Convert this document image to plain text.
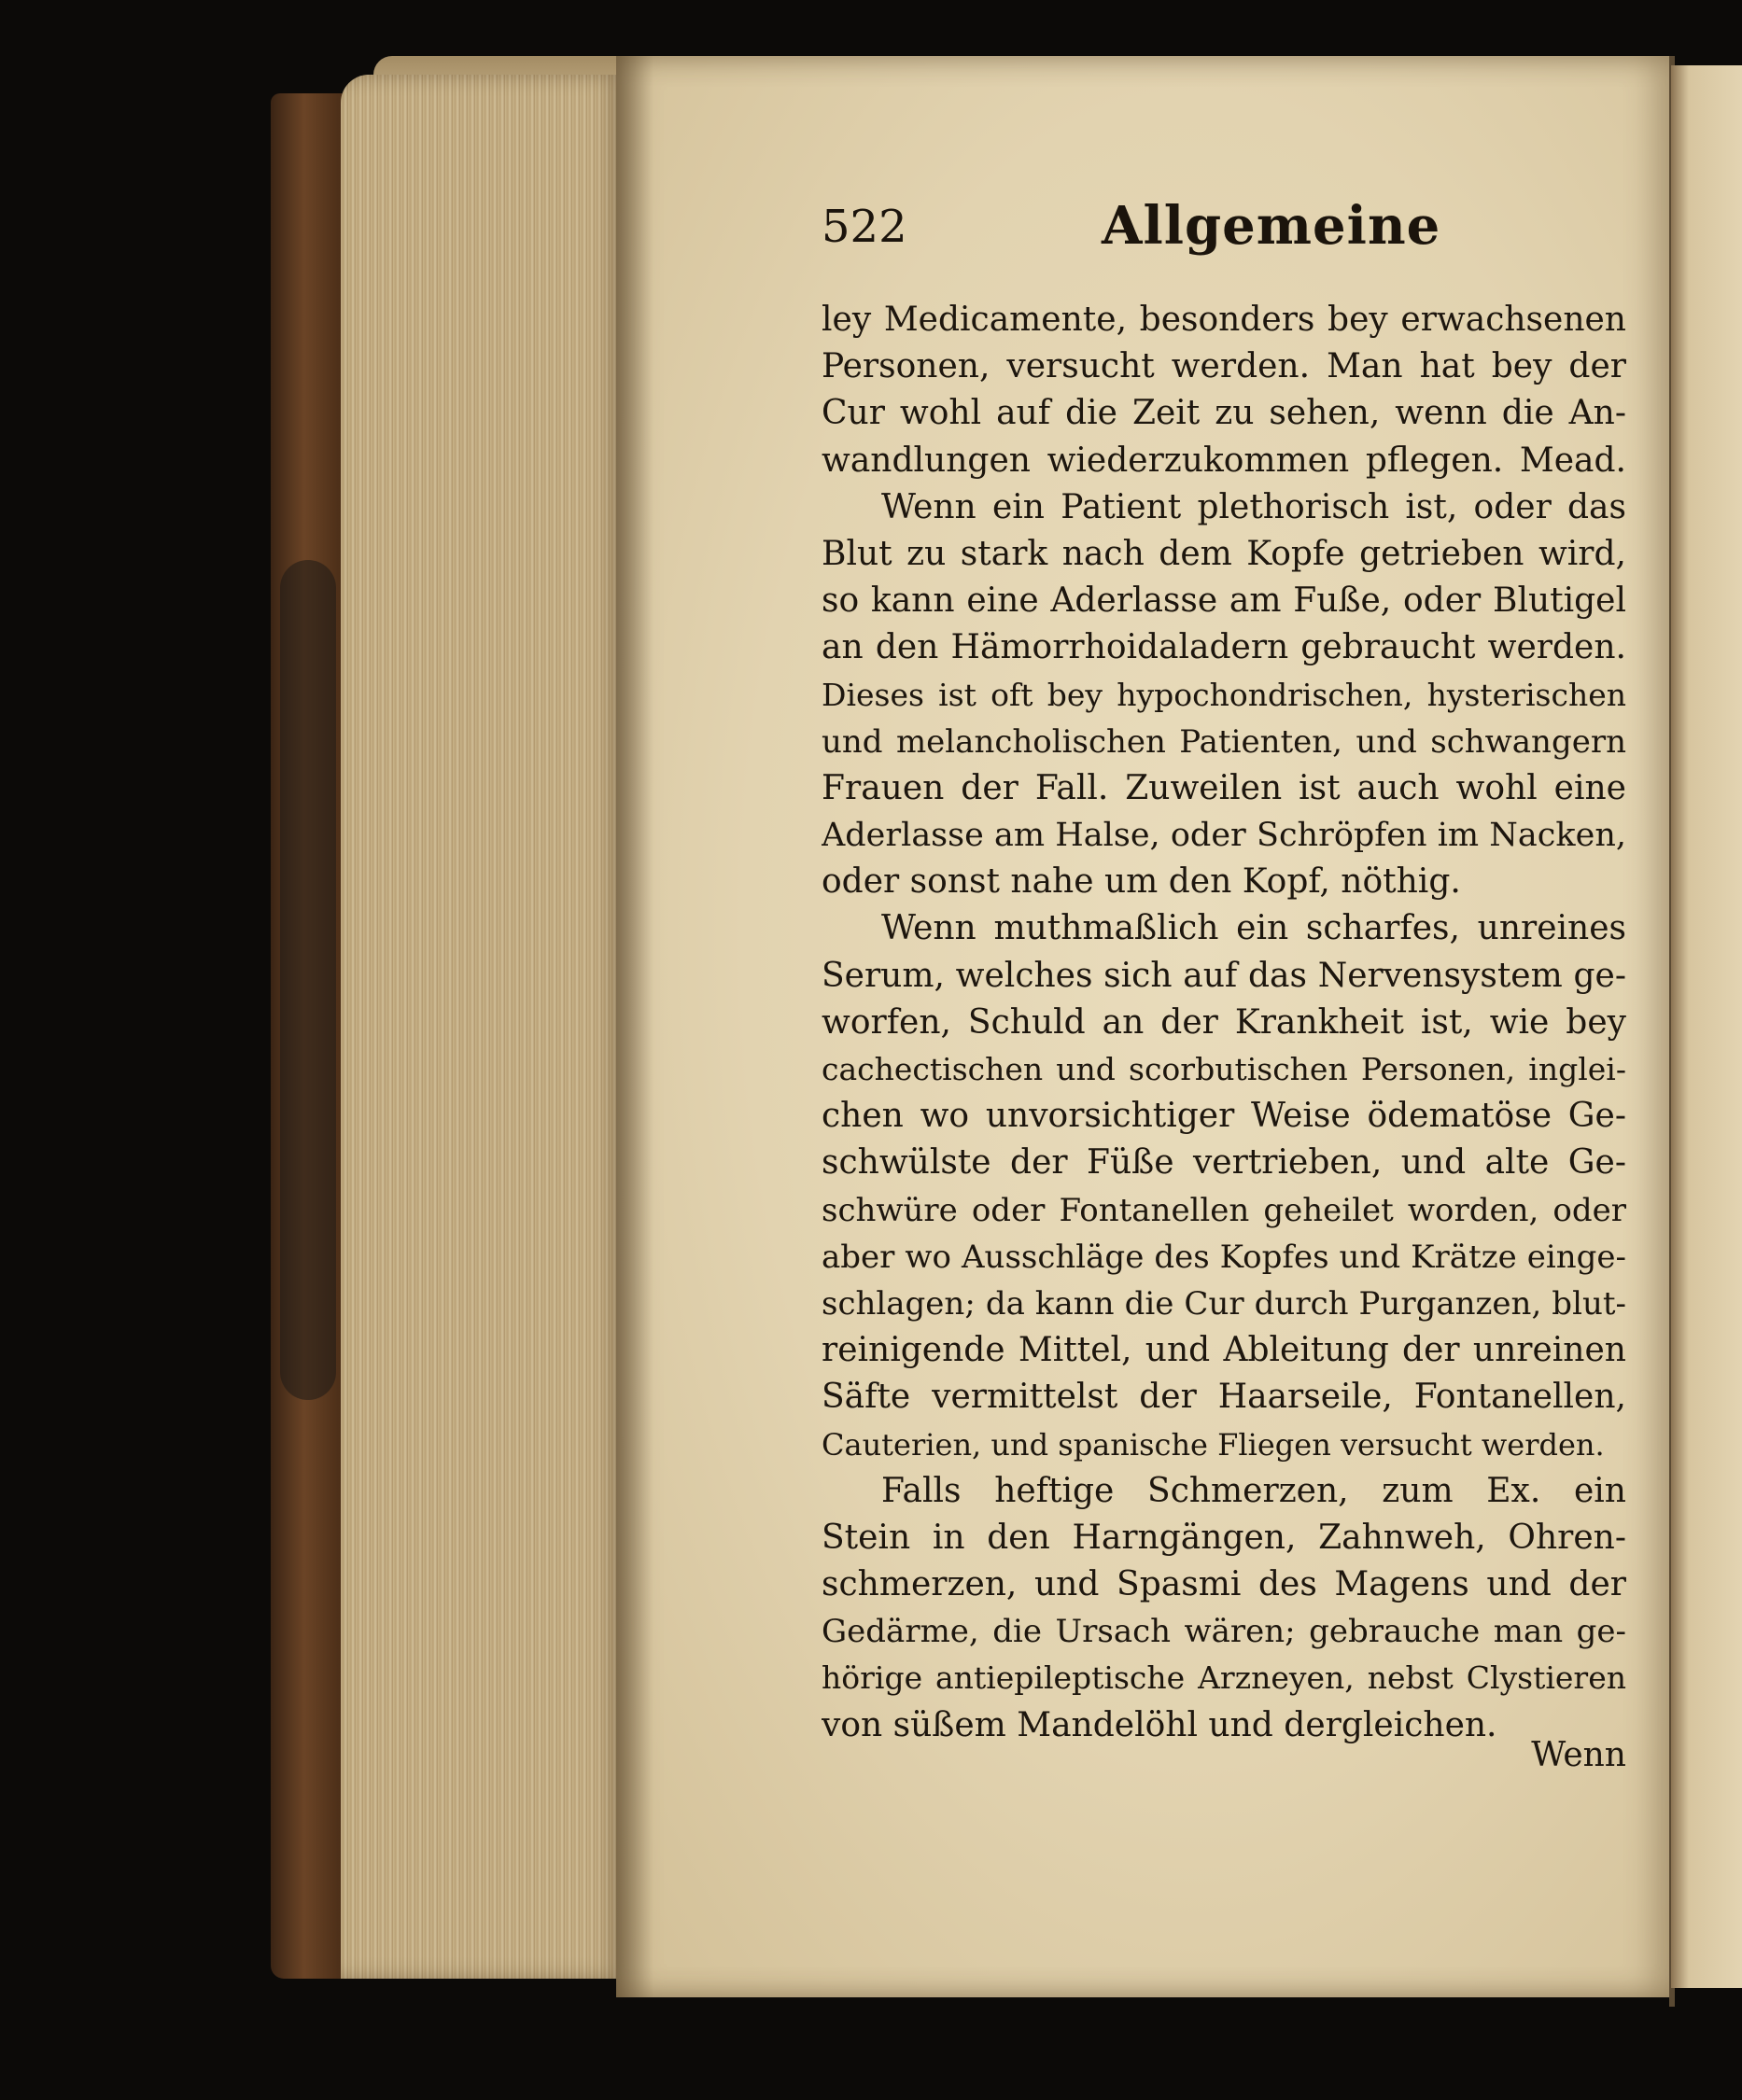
522	Allgemeine
ley Medicamente, besonders bey erwachsenen
Personen, versucht werden. Man hat bey der
Cur wohl auf die Zeit zu sehen, wenn die An-
wandlungen wiederzukommen pflegen. Mead.
Wenn ein Patient plethorisch ist, oder das
Blut zu stark nach dem Kopfe getrieben wird,
so kann eine Aderlasse am Fuße, oder Blutigel
an den Hämorrhoidaladern gebraucht werden.
Dieses ist oft bey hypochondrischen, hysterischen
und melancholischen Patienten, und schwangern
Frauen der Fall. Zuweilen ist auch wohl eine
Aderlasse am Halse, oder Schröpfen im Nacken,
oder sonst nahe um den Kopf, nöthig.
Wenn muthmaßlich ein scharfes, unreines
Serum, welches sich auf das Nervensystem ge-
worfen, Schuld an der Krankheit ist, wie bey
cachectischen und scorbutischen Personen, inglei-
chen wo unvorsichtiger Weise ödematöse Ge-
schwülste der Füße vertrieben, und alte Ge-
schwüre oder Fontanellen geheilet worden, oder
aber wo Ausschläge des Kopfes und Krätze einge-
schlagen; da kann die Cur durch Purganzen, blut-
reinigende Mittel, und Ableitung der unreinen
Säfte vermittelst der Haarseile, Fontanellen,
Cauterien, und spanische Fliegen versucht werden.
Falls heftige Schmerzen, zum Ex. ein
Stein in den Harngängen, Zahnweh, Ohren-
schmerzen, und Spasmi des Magens und der
Gedärme, die Ursach wären; gebrauche man ge-
hörige antiepileptische Arzneyen, nebst Clystieren
von süßem Mandelöhl und dergleichen.
Wenn
